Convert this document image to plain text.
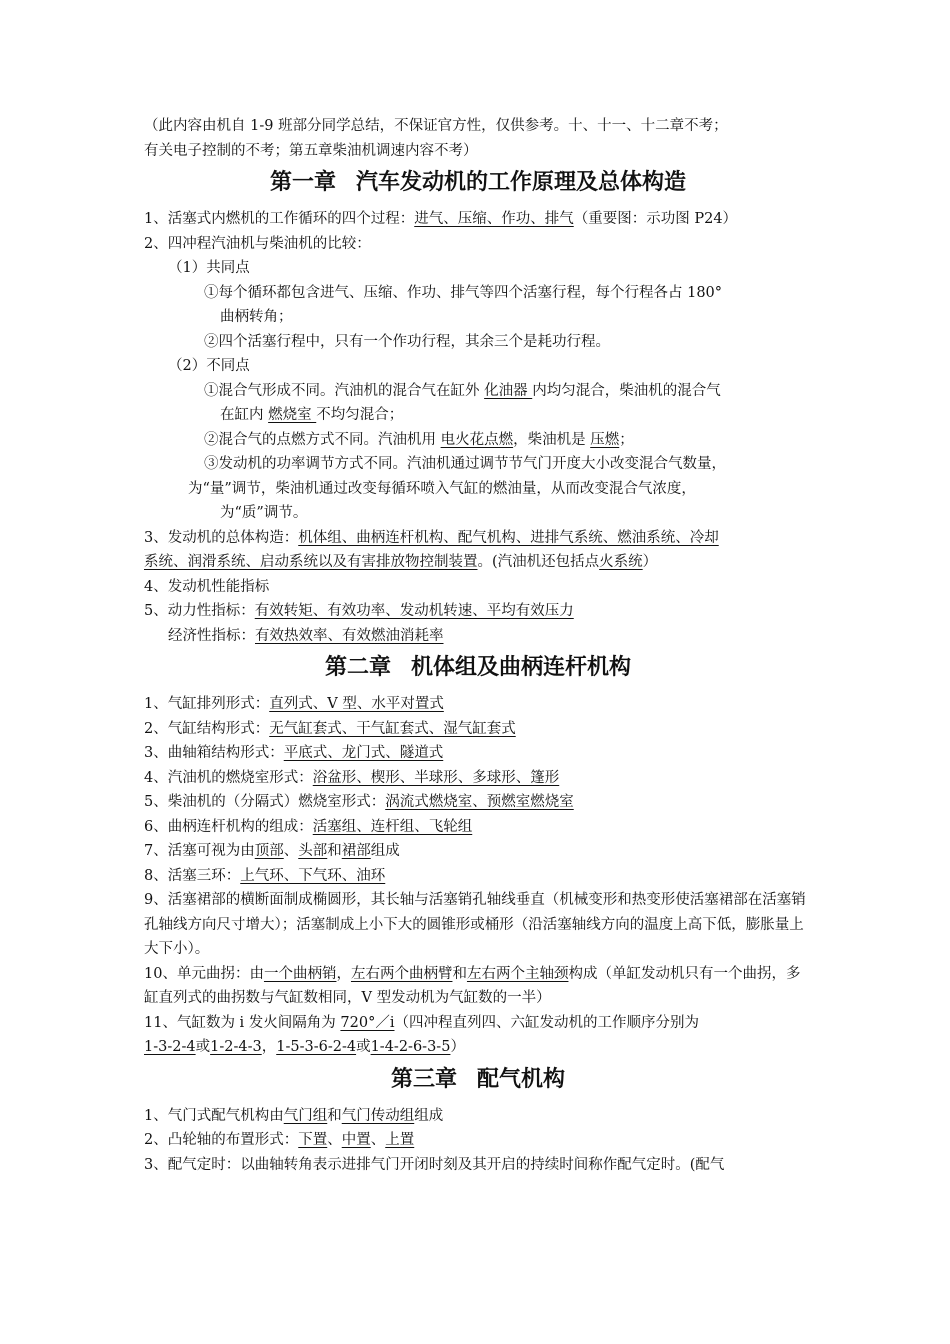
（此内容由机自 1-9 班部分同学总结，不保证官方性，仅供参考。十、十一、十二章不考；
有关电子控制的不考；第五章柴油机调速内容不考）
第一章 汽车发动机的工作原理及总体构造
1、活塞式内燃机的工作循环的四个过程：进气、压缩、作功、排气（重要图：示功图 P24）
2、四冲程汽油机与柴油机的比较：
（1）共同点
①每个循环都包含进气、压缩、作功、排气等四个活塞行程，每个行程各占 180°
曲柄转角；
②四个活塞行程中，只有一个作功行程，其余三个是耗功行程。
（2）不同点
①混合气形成不同。汽油机的混合气在缸外 化油器 内均匀混合，柴油机的混合气
在缸内 燃烧室 不均匀混合；
②混合气的点燃方式不同。汽油机用 电火花点燃，柴油机是 压燃；
③发动机的功率调节方式不同。汽油机通过调节节气门开度大小改变混合气数量，
为“量”调节，柴油机通过改变每循环喷入气缸的燃油量，从而改变混合气浓度，
为“质”调节。
3、发动机的总体构造：机体组、曲柄连杆机构、配气机构、进排气系统、燃油系统、冷却
系统、润滑系统、启动系统以及有害排放物控制装置。(汽油机还包括点火系统）
4、发动机性能指标
5、动力性指标：有效转矩、有效功率、发动机转速、平均有效压力
经济性指标：有效热效率、有效燃油消耗率
第二章 机体组及曲柄连杆机构
1、气缸排列形式：直列式、V 型、水平对置式
2、气缸结构形式：无气缸套式、干气缸套式、湿气缸套式
3、曲轴箱结构形式：平底式、龙门式、隧道式
4、汽油机的燃烧室形式：浴盆形、楔形、半球形、多球形、篷形
5、柴油机的（分隔式）燃烧室形式：涡流式燃烧室、预燃室燃烧室
6、曲柄连杆机构的组成：活塞组、连杆组、飞轮组
7、活塞可视为由顶部、头部和裙部组成
8、活塞三环：上气环、下气环、油环
9、活塞裙部的横断面制成椭圆形，其长轴与活塞销孔轴线垂直（机械变形和热变形使活塞裙部在活塞销孔轴线方向尺寸增大）；活塞制成上小下大的圆锥形或桶形（沿活塞轴线方向的温度上高下低，膨胀量上大下小）。
10、单元曲拐：由一个曲柄销，左右两个曲柄臂和左右两个主轴颈构成（单缸发动机只有一个曲拐，多缸直列式的曲拐数与气缸数相同，V 型发动机为气缸数的一半）
11、气缸数为 i 发火间隔角为 720°／i（四冲程直列四、六缸发动机的工作顺序分别为
1-3-2-4或1-2-4-3，1-5-3-6-2-4或1-4-2-6-3-5）
第三章 配气机构
1、气门式配气机构由气门组和气门传动组组成
2、凸轮轴的布置形式：下置、中置、上置
3、配气定时：以曲轴转角表示进排气门开闭时刻及其开启的持续时间称作配气定时。(配气
